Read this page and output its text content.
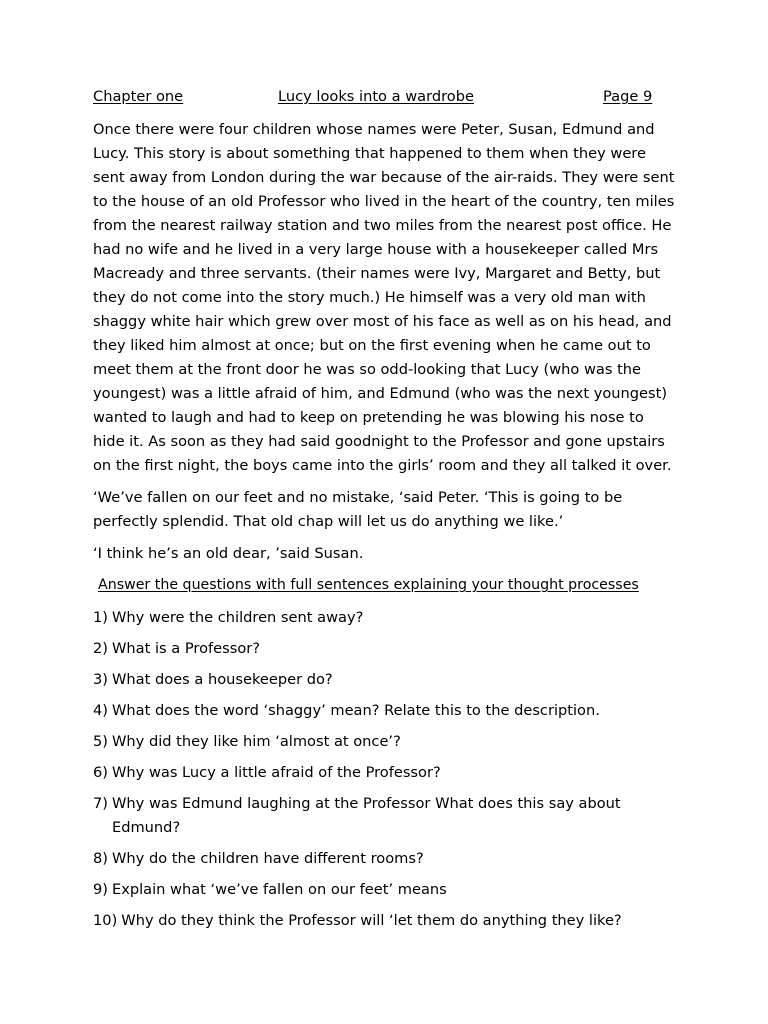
Chapter one	Lucy looks into a wardrobe	Page 9

Once there were four children whose names were Peter, Susan, Edmund and Lucy. This story is about something that happened to them when they were sent away from London during the war because of the air-raids. They were sent to the house of an old Professor who lived in the heart of the country, ten miles from the nearest railway station and two miles from the nearest post office. He had no wife and he lived in a very large house with a housekeeper called Mrs Macready and three servants. (their names were Ivy, Margaret and Betty, but they do not come into the story much.) He himself was a very old man with shaggy white hair which grew over most of his face as well as on his head, and they liked him almost at once; but on the first evening when he came out to meet them at the front door he was so odd-looking that Lucy (who was the youngest) was a little afraid of him, and Edmund (who was the next youngest) wanted to laugh and had to keep on pretending he was blowing his nose to hide it. As soon as they had said goodnight to the Professor and gone upstairs on the first night, the boys came into the girls’ room and they all talked it over.

‘We’ve fallen on our feet and no mistake, ‘said Peter. ‘This is going to be perfectly splendid. That old chap will let us do anything we like.’

‘I think he’s an old dear, ’said Susan.

Answer the questions with full sentences explaining your thought processes
1) Why were the children sent away?
2) What is a Professor?
3) What does a housekeeper do?
4) What does the word ‘shaggy’ mean? Relate this to the description.
5) Why did they like him ‘almost at once’?
6) Why was Lucy a little afraid of the Professor?
7) Why was Edmund laughing at the Professor What does this say about Edmund?
8) Why do the children have different rooms?
9) Explain what ‘we’ve fallen on our feet’ means
10) Why do they think the Professor will ‘let them do anything they like?
